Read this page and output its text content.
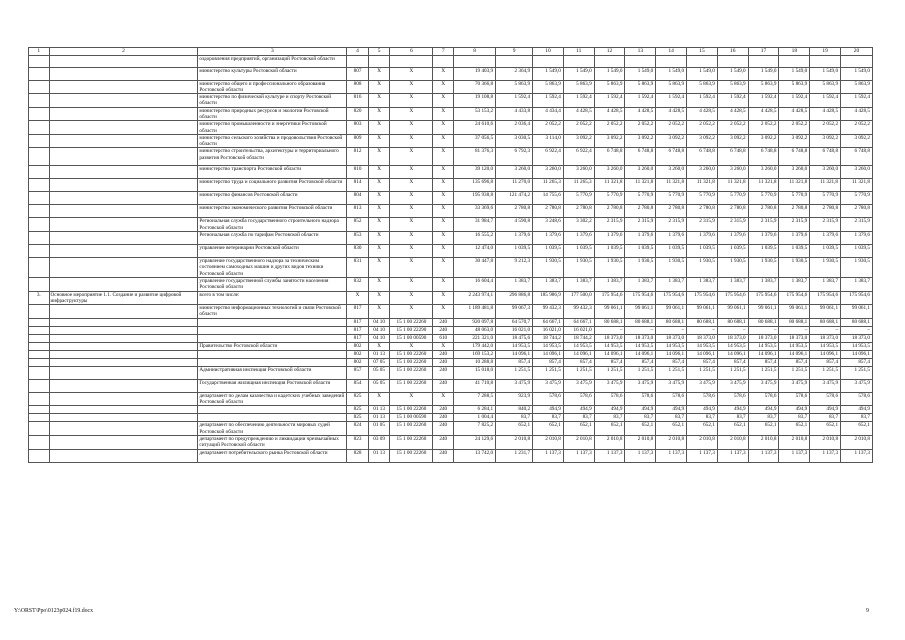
1	2	3	4	5	6	7	8	9	10	11	12	13	14	15	16	17	18	19	20
		оздоровления предприятий, организаций Ростовской области																	
		министерство культуры Ростовской области	807	Х	Х	Х	19 403,9	2 364,9	1 549,0	1 549,0	1 549,0	1 549,0	1 549,0	1 549,0	1 549,0	1 549,0	1 549,0	1 549,0	1 549,0
		министерство общего и профессионального образования Ростовской области	808	Х	Х	Х	70 366,8	5 863,9	5 863,9	5 863,9	5 863,9	5 863,9	5 863,9	5 863,9	5 863,9	5 863,9	5 863,9	5 863,9	5 863,9
		министерство по физической культуре и спорту Ростовской области	816	Х	Х	Х	19 108,8	1 592,4	1 592,4	1 592,4	1 592,4	1 592,4	1 592,4	1 592,4	1 592,4	1 592,4	1 592,4	1 592,4	1 592,4
		министерство природных ресурсов и экологии Ростовской области	820	Х	Х	Х	53 153,2	4 433,8	4 434,4	4 428,5	4 428,5	4 428,5	4 428,5	4 428,5	4 428,5	4 428,5	4 428,5	4 428,5	4 428,5
		министерство промышленности и энергетики Ростовской области	803	Х	Х	Х	24 610,6	2 036,4	2 052,2	2 052,2	2 052,2	2 052,2	2 052,2	2 052,2	2 052,2	2 052,2	2 052,2	2 052,2	2 052,2
		министерство сельского хозяйства и продовольствия Ростовской области	809	Х	Х	Х	37 056,5	3 030,5	3 114,0	3 092,2	3 092,2	3 092,2	3 092,2	3 092,2	3 092,2	3 092,2	3 092,2	3 092,2	3 092,2
		министерство строительства, архитектуры и территориального развития Ростовской области	812	Х	Х	Х	81 376,3	6 792,3	6 922,4	6 922,4	6 748,8	6 748,8	6 748,8	6 748,8	6 748,8	6 748,8	6 748,8	6 748,8	6 748,8
		министерство транспорта Ростовской области	810	Х	Х	Х	39 120,0	3 260,0	3 260,0	3 260,0	3 260,0	3 260,0	3 260,0	3 260,0	3 260,0	3 260,0	3 260,0	3 260,0	3 260,0
		министерство труда и социального развития Ростовской области	814	Х	Х	Х	135 696,8	11 270,0	11 265,3	11 265,3	11 321,8	11 321,8	11 321,8	11 321,8	11 321,8	11 321,8	11 321,8	11 321,8	11 321,8
		министерство финансов Ростовской области	804	Х	Х	Х	195 938,8	121 474,2	14 755,6	5 770,9	5 770,9	5 770,9	5 770,9	5 770,9	5 770,9	5 770,9	5 770,9	5 770,9	5 770,9
		министерство экономического развития Ростовской области	813	Х	Х	Х	33 369,6	2 780,8	2 780,8	2 780,8	2 780,8	2 780,8	2 780,8	2 780,8	2 780,8	2 780,8	2 780,8	2 780,8	2 780,8
		Региональная служба государственного строительного надзора Ростовской области	852	Х	Х	Х	31 984,7	4 590,8	3 248,6	3 302,2	2 315,9	2 315,9	2 315,9	2 315,9	2 315,9	2 315,9	2 315,9	2 315,9	2 315,9
		Региональная служба по тарифам Ростовской области	853	Х	Х	Х	16 555,2	1 379,6	1 379,6	1 379,6	1 379,6	1 379,6	1 379,6	1 379,6	1 379,6	1 379,6	1 379,6	1 379,6	1 379,6
		управление ветеринарии Ростовской области	830	Х	Х	Х	12 474,0	1 039,5	1 039,5	1 039,5	1 039,5	1 039,5	1 039,5	1 039,5	1 039,5	1 039,5	1 039,5	1 039,5	1 039,5
		управление государственного надзора за техническим состоянием самоходных машин и других видов техники Ростовской области	831	Х	Х	Х	30 447,8	9 212,3	1 930,5	1 930,5	1 930,5	1 930,5	1 930,5	1 930,5	1 930,5	1 930,5	1 930,5	1 930,5	1 930,5
		управление государственной службы занятости населения Ростовской области	832	Х	Х	Х	16 604,4	1 383,7	1 383,7	1 383,7	1 383,7	1 383,7	1 383,7	1 383,7	1 383,7	1 383,7	1 383,7	1 383,7	1 383,7
3.	Основное мероприятие 1.1. Создание и развитие цифровой инфраструктуры	всего в том числе:	Х	Х	Х	Х	2 243 974,1	296 886,8	185 986,9	177 500,0	175 954,6	175 954,6	175 954,6	175 954,6	175 954,6	175 954,6	175 954,6	175 954,6	175 954,6
		министерство информационных технологий и связи Ростовской области	817	Х	Х	Х	1 189 481,8	99 067,3	99 432,3	99 432,3	99 061,1	99 061,1	99 061,1	99 061,1	99 061,1	99 061,1	99 061,1	99 061,1	99 061,1
			817	04 10	15 1 00 22260	240	920 097,8	64 570,7	64 667,1	64 667,1	80 688,1	80 688,1	80 688,1	80 688,1	80 688,1	80 688,1	80 688,1	80 688,1	80 688,1
			817	04 10	15 1 00 22290	240	48 063,0	16 021,0	16 021,0	16 021,0	–	–	–	–	–	–	–	–	–
			817	04 10	15 1 00 00590	610	221 321,0	18 475,6	18 744,2	18 744,2	18 373,0	18 373,0	18 373,0	18 373,0	18 373,0	18 373,0	18 373,0	18 373,0	18 373,0
		Правительство Ростовской области	802	Х	Х	Х	179 442,0	14 953,5	14 953,5	14 953,5	14 953,5	14 953,5	14 953,5	14 953,5	14 953,5	14 953,5	14 953,5	14 953,5	14 953,5
			802	01 13	15 1 00 22260	240	169 153,2	14 096,1	14 096,1	14 096,1	14 096,1	14 096,1	14 096,1	14 096,1	14 096,1	14 096,1	14 096,1	14 096,1	14 096,1
			802	07 05	15 1 00 22260	240	10 288,8	857,4	857,4	857,4	857,4	857,4	857,4	857,4	857,4	857,4	857,4	857,4	857,4
		Административная инспекция Ростовской области	857	05 05	15 1 00 22260	240	15 018,0	1 251,5	1 251,5	1 251,5	1 251,5	1 251,5	1 251,5	1 251,5	1 251,5	1 251,5	1 251,5	1 251,5	1 251,5
		Государственная жилищная инспекция Ростовской области	854	05 05	15 1 00 22260	240	41 710,8	3 475,9	3 475,9	3 475,9	3 475,9	3 475,9	3 475,9	3 475,9	3 475,9	3 475,9	3 475,9	3 475,9	3 475,9
		департамент по делам казачества и кадетских учебных заведений Ростовской области	825	Х	Х	Х	7 288,5	923,9	578,6	578,6	578,6	578,6	578,6	578,6	578,6	578,6	578,6	578,6	578,6
			825	01 13	15 1 00 22260	240	6 284,1	840,2	494,9	494,9	494,9	494,9	494,9	494,9	494,9	494,9	494,9	494,9	494,9
			825	01 13	15 1 00 00590	240	1 004,4	83,7	83,7	83,7	83,7	83,7	83,7	83,7	83,7	83,7	83,7	83,7	83,7
		департамент по обеспечению деятельности мировых судей Ростовской области	824	01 05	15 1 00 22260	240	7 825,2	652,1	652,1	652,1	652,1	652,1	652,1	652,1	652,1	652,1	652,1	652,1	652,1
		департамент по предупреждению и ликвидации чрезвычайных ситуаций Ростовской области	823	03 09	15 1 00 22260	240	24 129,6	2 010,8	2 010,8	2 010,8	2 010,8	2 010,8	2 010,8	2 010,8	2 010,8	2 010,8	2 010,8	2 010,8	2 010,8
		департамент потребительского рынка Ростовской области	828	01 13	15 1 00 22260	240	13 742,0	1 231,7	1 137,3	1 137,3	1 137,3	1 137,3	1 137,3	1 137,3	1 137,3	1 137,3	1 137,3	1 137,3	1 137,3
Y:\ORST\Ppo\0123p024.f19.docx	9
